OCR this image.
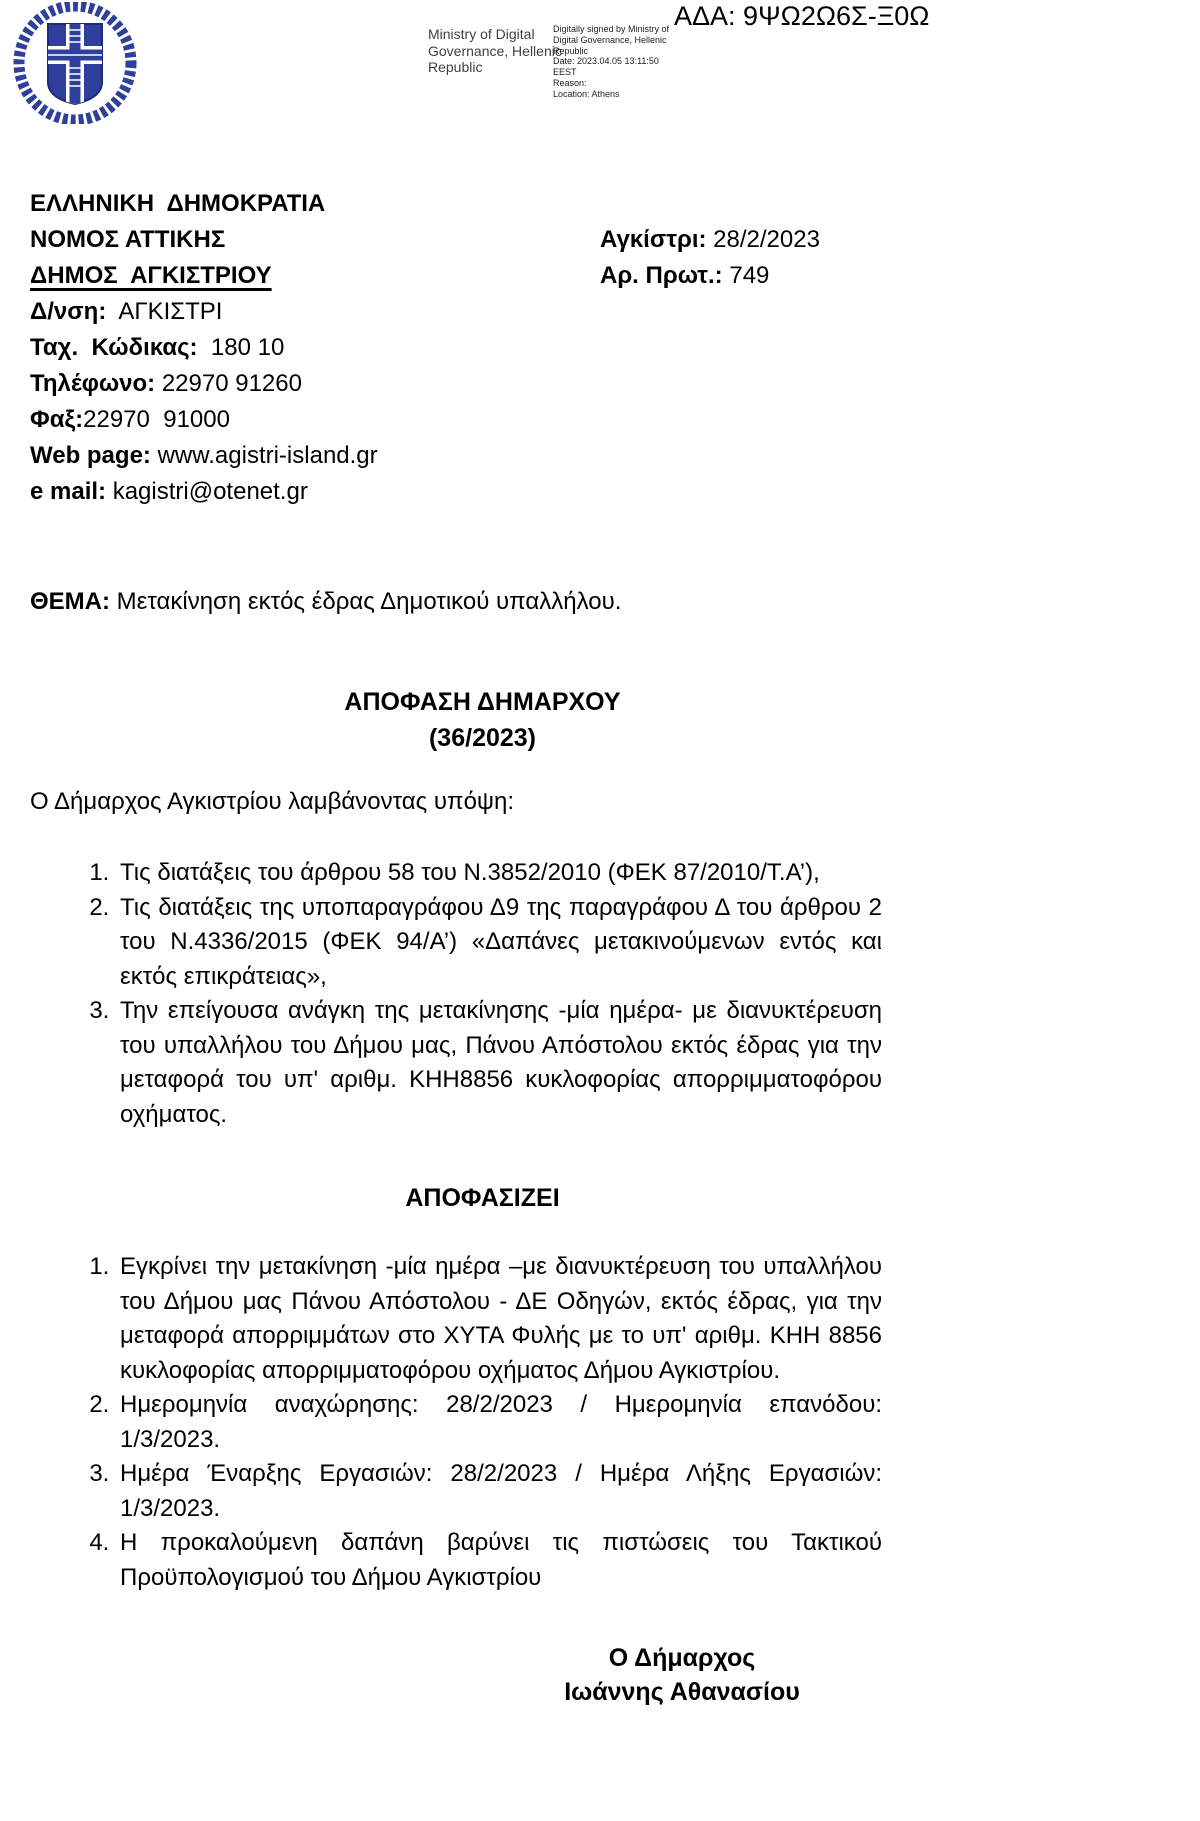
Ministry of Digital Governance, Hellenic Republic

Digitally signed by Ministry of Digital Governance, Hellenic Republic

Date: 2023.04.05 13:11:50 EEST

Reason:

Location: Athens

ΑΔΑ: 9ΨΩ2Ω6Σ-Ξ0Ω
ΕΛΛΗΝΙΚΗ  ΔΗΜΟΚΡΑΤΙΑ
ΝΟΜΟΣ ΑΤΤΙΚΗΣ
ΔΗΜΟΣ  ΑΓΚΙΣΤΡΙΟΥ
Δ/νση:  ΑΓΚΙΣΤΡΙ
Ταχ.  Κώδικας:  180 10
Τηλέφωνο: 22970 91260
Φαξ:22970  91000
Web page: www.agistri-island.gr
e mail: kagistri@otenet.gr
Αγκίστρι: 28/2/2023
Αρ. Πρωτ.: 749

ΘΕΜΑ: Μετακίνηση εκτός έδρας Δημοτικού υπαλλήλου.

ΑΠΟΦΑΣΗ ΔΗΜΑΡΧΟΥ
(36/2023)

Ο Δήμαρχος Αγκιστρίου λαμβάνοντας υπόψη:

1. Τις διατάξεις του άρθρου 58 του Ν.3852/2010 (ΦΕΚ 87/2010/Τ.Α’),
2. Τις διατάξεις της υποπαραγράφου Δ9 της παραγράφου Δ του άρθρου 2 του Ν.4336/2015 (ΦΕΚ 94/Α’) «Δαπάνες μετακινούμενων εντός και εκτός επικράτειας»,
3. Την επείγουσα ανάγκη της μετακίνησης -μία ημέρα- με διανυκτέρευση του υπαλλήλου του Δήμου μας, Πάνου Απόστολου εκτός έδρας για την μεταφορά του υπ' αριθμ. ΚΗΗ8856 κυκλοφορίας απορριμματοφόρου οχήματος.
ΑΠΟΦΑΣΙΖΕΙ
1. Εγκρίνει την μετακίνηση -μία ημέρα –με διανυκτέρευση του υπαλλήλου του Δήμου μας Πάνου Απόστολου - ΔΕ Οδηγών, εκτός έδρας, για την μεταφορά απορριμμάτων στο ΧΥΤΑ Φυλής με το υπ' αριθμ. ΚΗΗ 8856 κυκλοφορίας απορριμματοφόρου οχήματος Δήμου Αγκιστρίου.
2. Ημερομηνία αναχώρησης: 28/2/2023 / Ημερομηνία επανόδου: 1/3/2023.
3. Ημέρα Έναρξης Εργασιών: 28/2/2023 / Ημέρα Λήξης Εργασιών: 1/3/2023.
4. Η προκαλούμενη δαπάνη βαρύνει τις πιστώσεις του Τακτικού Προϋπολογισμού του Δήμου Αγκιστρίου
Ο Δήμαρχος
Ιωάννης Αθανασίου
